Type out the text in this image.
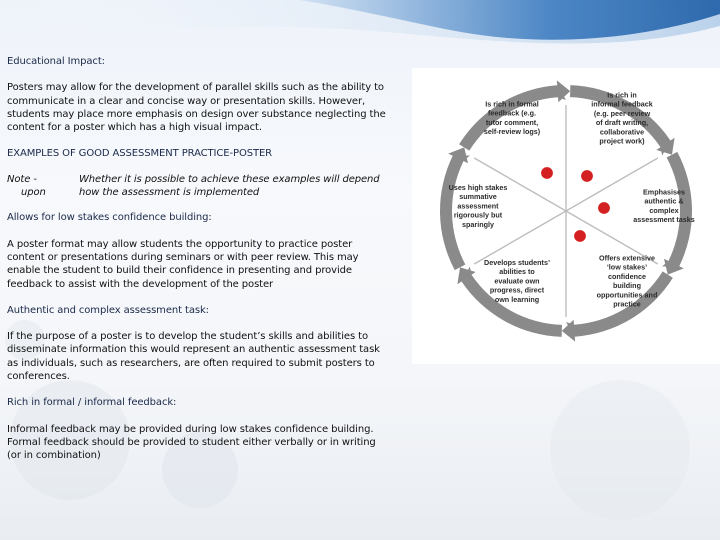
Educational Impact:

Posters may allow for the development of parallel skills such as the ability to communicate in a clear and concise way or presentation skills. However, students may place more emphasis on design over substance neglecting the content for a poster which has a high visual impact.

EXAMPLES OF GOOD ASSESSMENT PRACTICE-POSTER

Note -
upon
Whether it is possible to achieve these examples will depend how the assessment is implemented

Allows for low stakes confidence building:

A poster format may allow students the opportunity to practice poster content or presentations during seminars or with peer review. This may enable the student to build their confidence in presenting and provide feedback to assist with the development of the poster

Authentic and complex assessment task:

If the purpose of a poster is to develop the student’s skills and abilities to disseminate information this would represent an authentic assessment task as individuals, such as researchers, are often required to submit posters to conferences.

Rich in formal / informal feedback:

Informal feedback may be provided during low stakes confidence building. Formal feedback should be provided to student either verbally or in writing (or in combination)

Is rich in informal feedback (e.g. peer review of draft writing, collaborative project work)
Emphasises authentic & complex assessment tasks
Offers extensive ‘low stakes’ confidence building opportunities and practice
Develops students’ abilities to evaluate own progress, direct own learning
Uses high stakes summative assessment rigorously but sparingly
Is rich in formal feedback (e.g. tutor comment, self-review logs)
